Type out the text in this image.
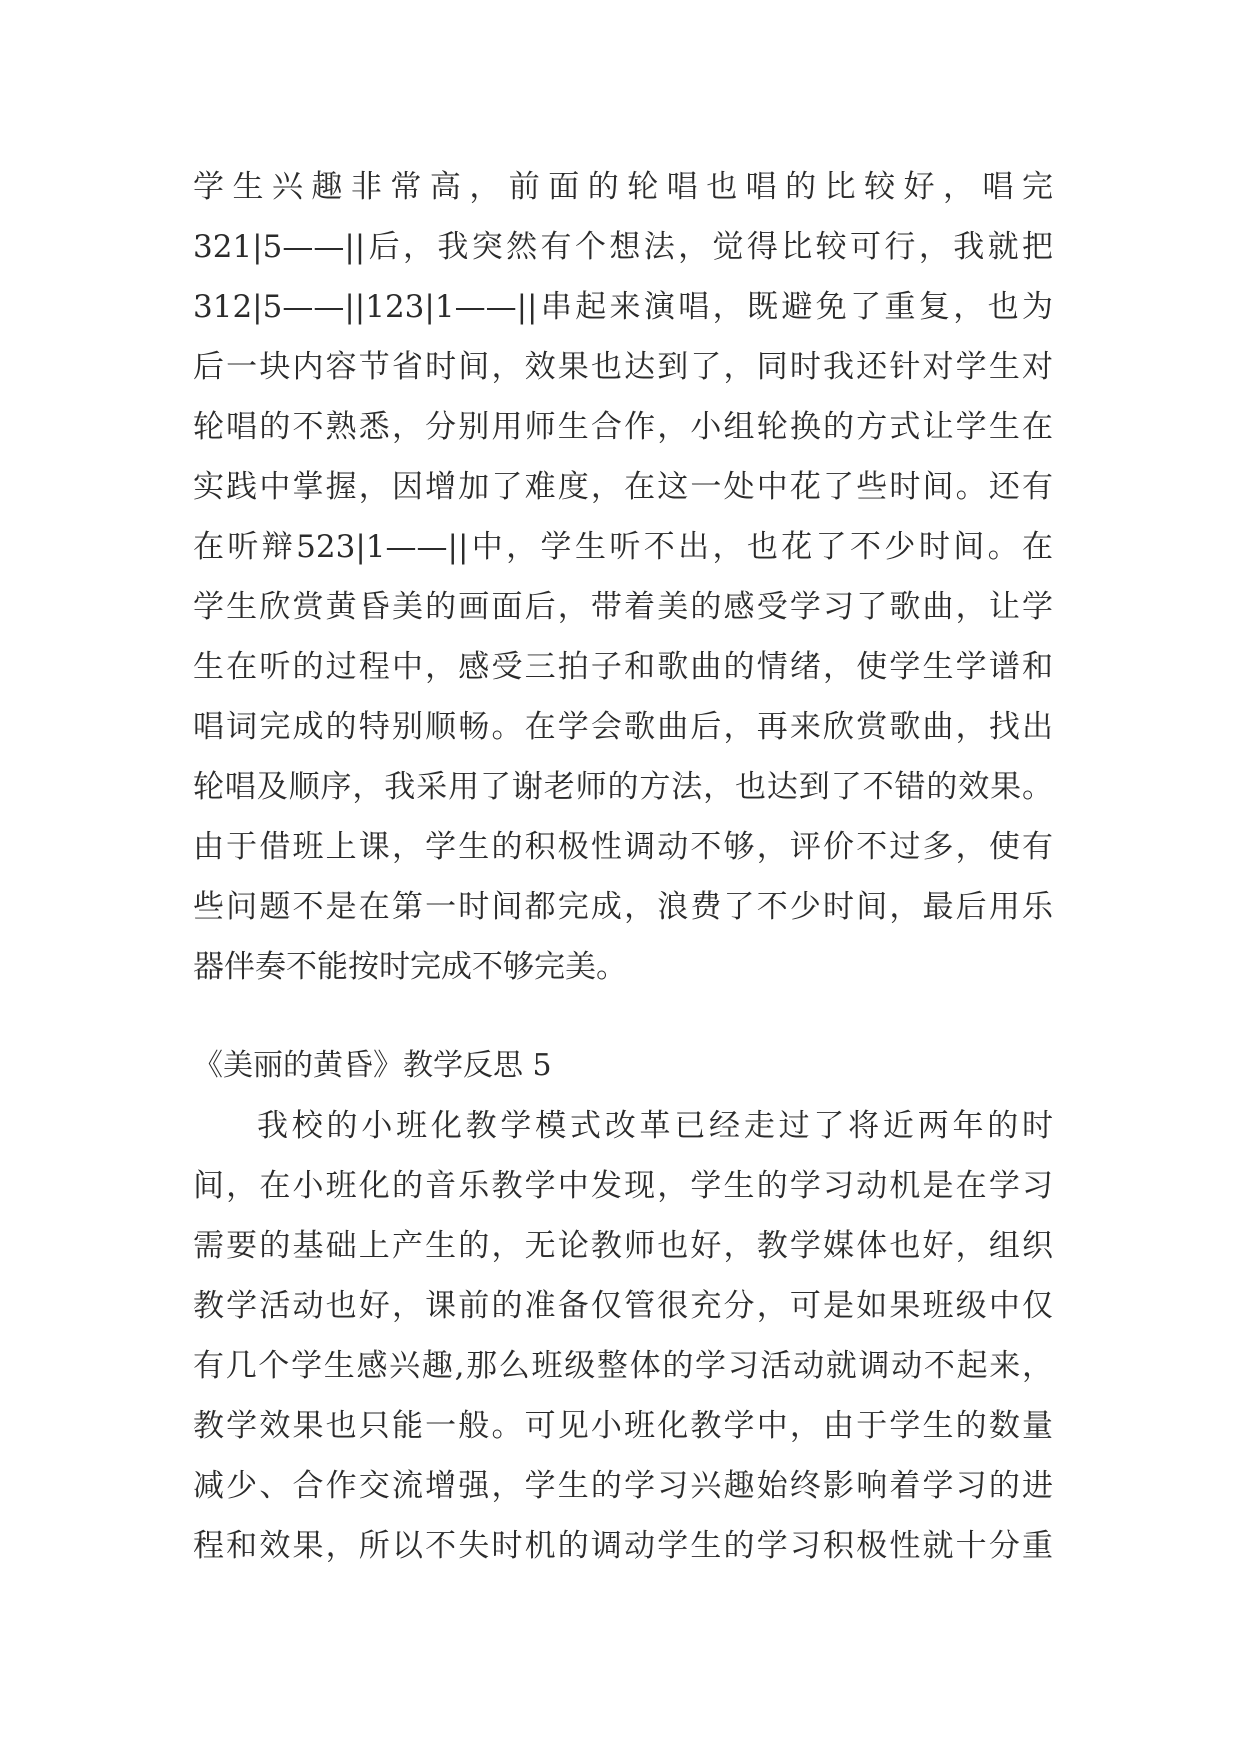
学生兴趣非常高，前面的轮唱也唱的比较好，唱完
321|5——||后，我突然有个想法，觉得比较可行，我就把
312|5——||123|1——||串起来演唱，既避免了重复，也为
后一块内容节省时间，效果也达到了，同时我还针对学生对
轮唱的不熟悉，分别用师生合作，小组轮换的方式让学生在
实践中掌握，因增加了难度，在这一处中花了些时间。还有
在听辩523|1——||中，学生听不出，也花了不少时间。在
学生欣赏黄昏美的画面后，带着美的感受学习了歌曲，让学
生在听的过程中，感受三拍子和歌曲的情绪，使学生学谱和
唱词完成的特别顺畅。在学会歌曲后，再来欣赏歌曲，找出
轮唱及顺序，我采用了谢老师的方法，也达到了不错的效果。
由于借班上课，学生的积极性调动不够，评价不过多，使有
些问题不是在第一时间都完成，浪费了不少时间，最后用乐
器伴奏不能按时完成不够完美。
《美丽的黄昏》教学反思 5
我校的小班化教学模式改革已经走过了将近两年的时
间，在小班化的音乐教学中发现，学生的学习动机是在学习
需要的基础上产生的，无论教师也好，教学媒体也好，组织
教学活动也好，课前的准备仅管很充分，可是如果班级中仅
有几个学生感兴趣,那么班级整体的学习活动就调动不起来，
教学效果也只能一般。可见小班化教学中，由于学生的数量
减少、合作交流增强，学生的学习兴趣始终影响着学习的进
程和效果，所以不失时机的调动学生的学习积极性就十分重
